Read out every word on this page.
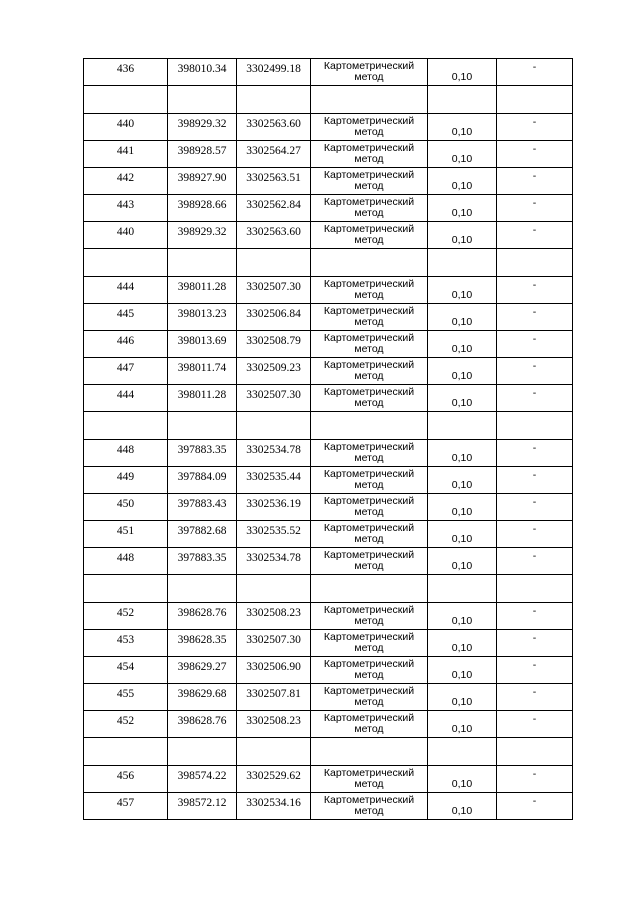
436	398010.34	3302499.18	Картометрический метод	0,10	-

440	398929.32	3302563.60	Картометрический метод	0,10	-
441	398928.57	3302564.27	Картометрический метод	0,10	-
442	398927.90	3302563.51	Картометрический метод	0,10	-
443	398928.66	3302562.84	Картометрический метод	0,10	-
440	398929.32	3302563.60	Картометрический метод	0,10	-

444	398011.28	3302507.30	Картометрический метод	0,10	-
445	398013.23	3302506.84	Картометрический метод	0,10	-
446	398013.69	3302508.79	Картометрический метод	0,10	-
447	398011.74	3302509.23	Картометрический метод	0,10	-
444	398011.28	3302507.30	Картометрический метод	0,10	-

448	397883.35	3302534.78	Картометрический метод	0,10	-
449	397884.09	3302535.44	Картометрический метод	0,10	-
450	397883.43	3302536.19	Картометрический метод	0,10	-
451	397882.68	3302535.52	Картометрический метод	0,10	-
448	397883.35	3302534.78	Картометрический метод	0,10	-

452	398628.76	3302508.23	Картометрический метод	0,10	-
453	398628.35	3302507.30	Картометрический метод	0,10	-
454	398629.27	3302506.90	Картометрический метод	0,10	-
455	398629.68	3302507.81	Картометрический метод	0,10	-
452	398628.76	3302508.23	Картометрический метод	0,10	-

456	398574.22	3302529.62	Картометрический метод	0,10	-
457	398572.12	3302534.16	Картометрический метод	0,10	-
